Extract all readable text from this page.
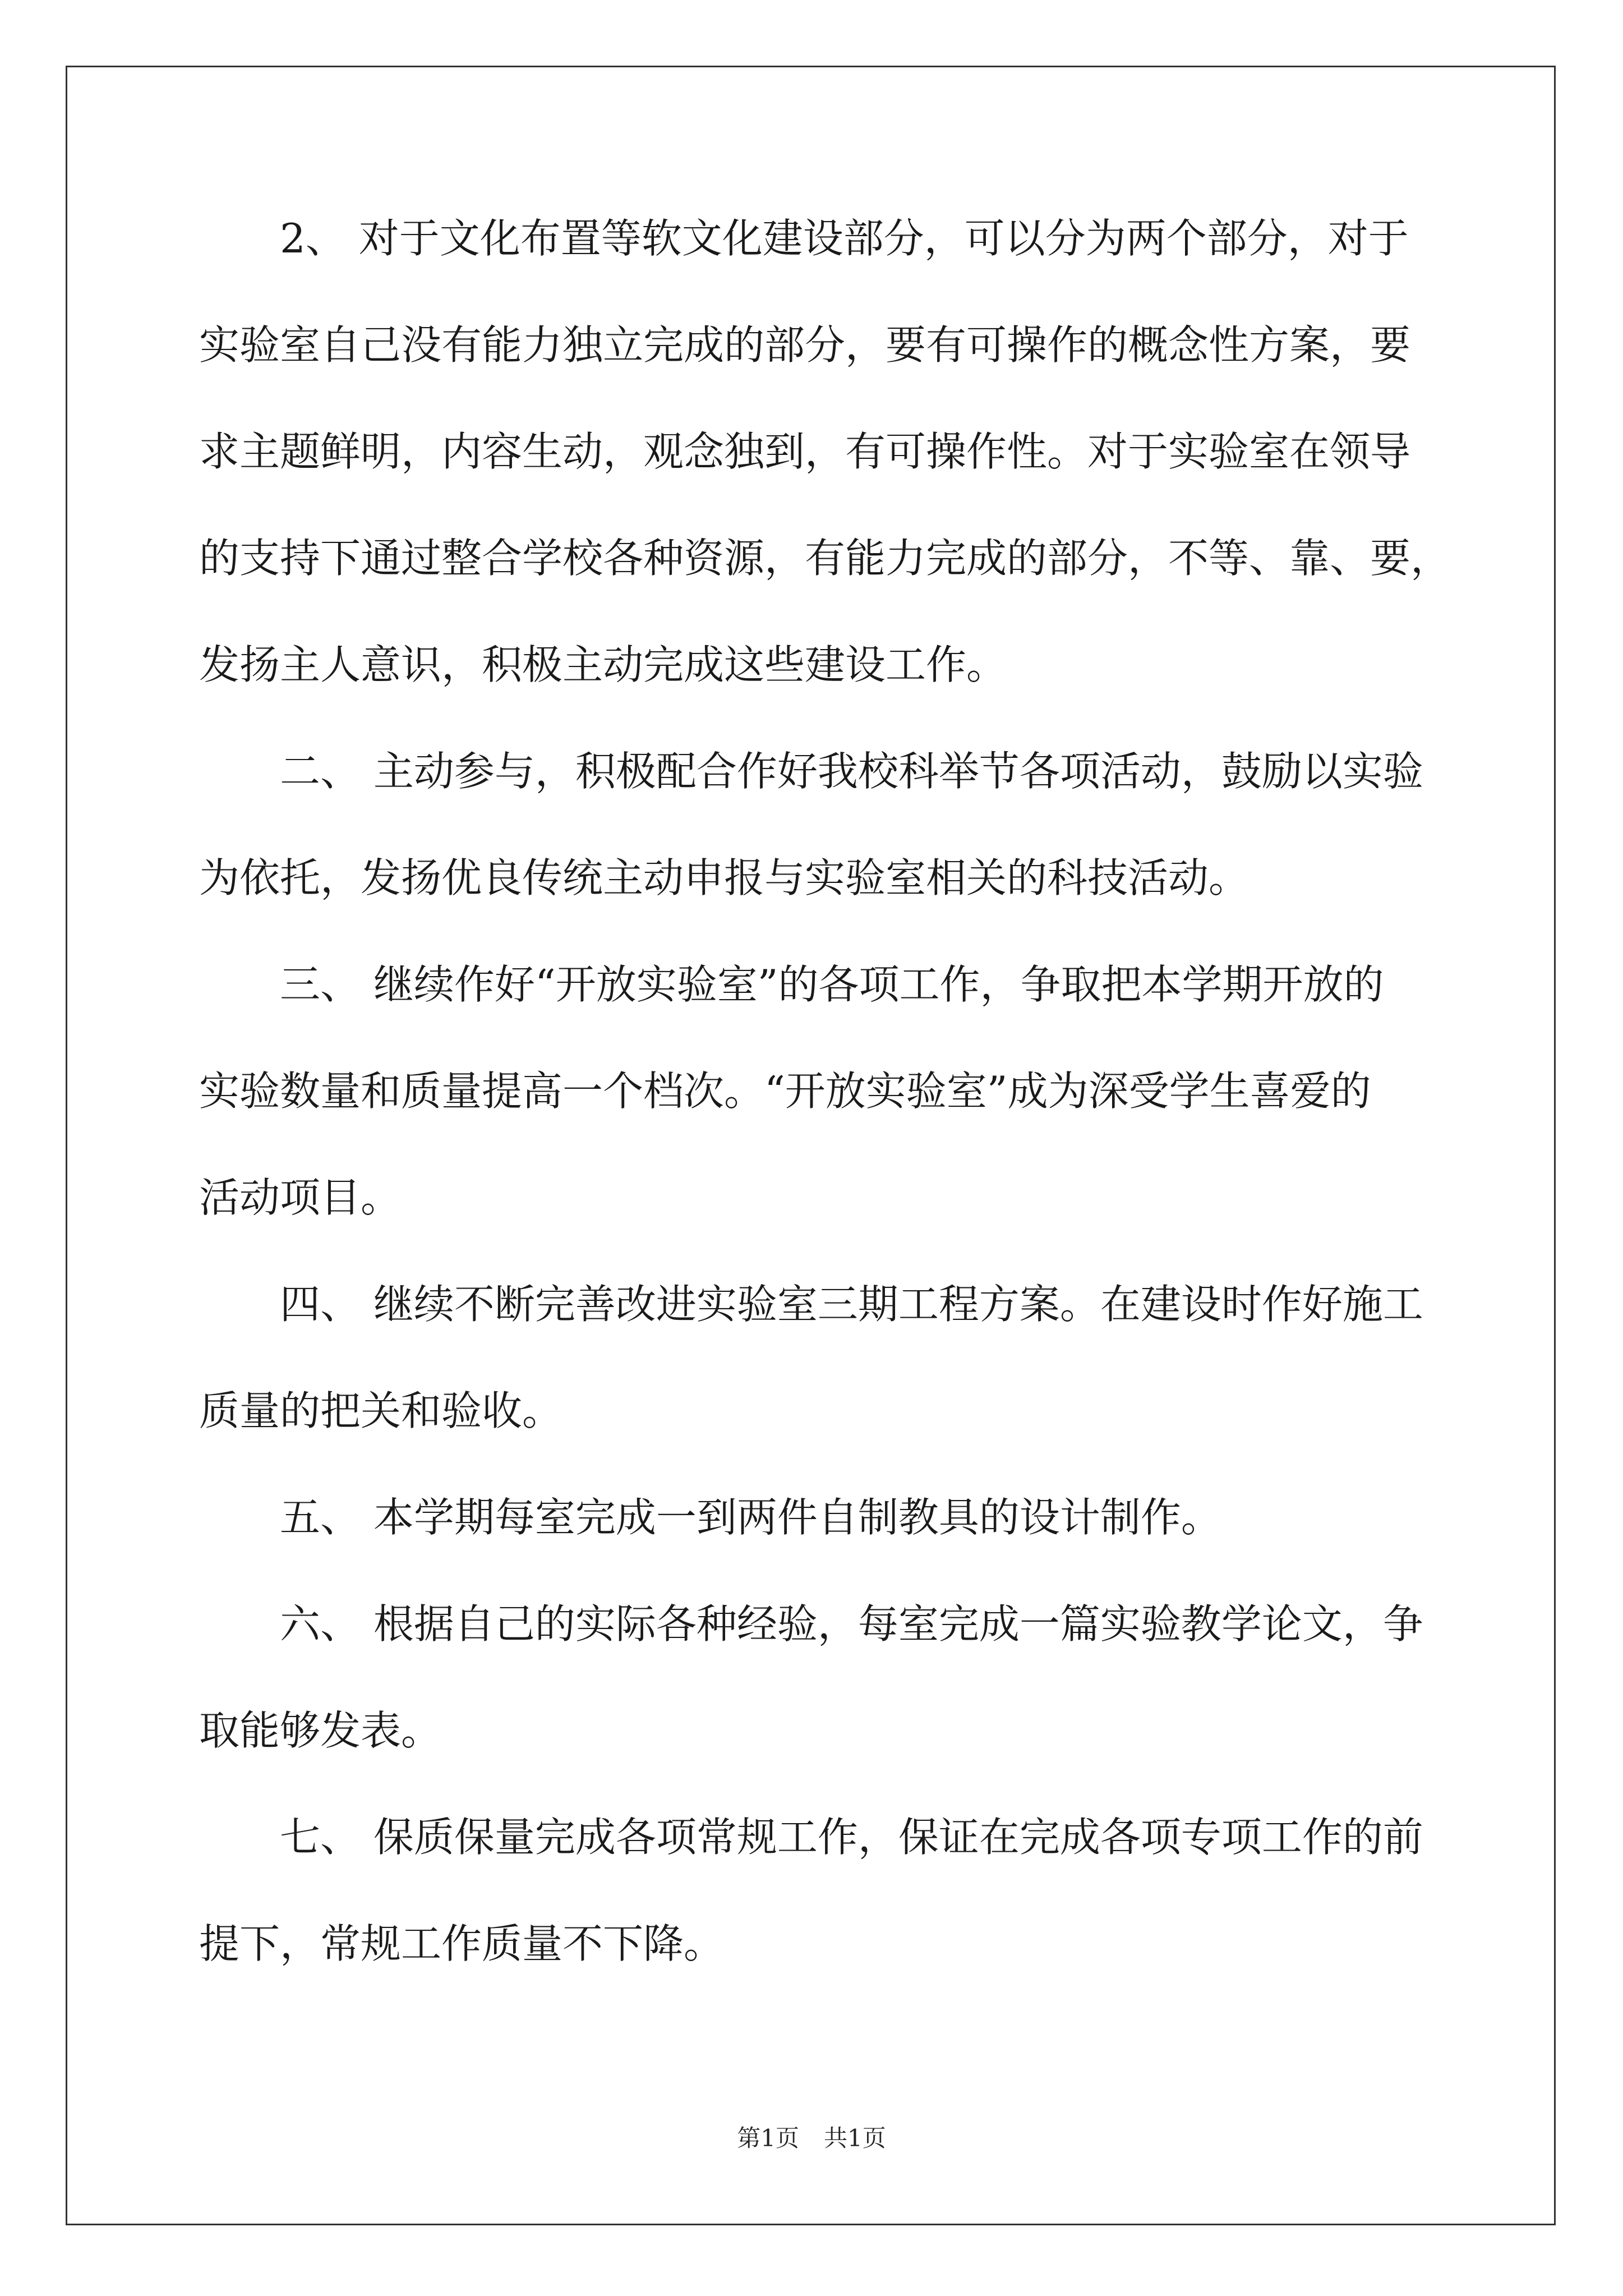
2、 对于文化布置等软文化建设部分，可以分为两个部分，对于
实验室自己没有能力独立完成的部分，要有可操作的概念性方案，要
求主题鲜明，内容生动，观念独到，有可操作性。对于实验室在领导
的支持下通过整合学校各种资源，有能力完成的部分，不等、靠、要，
发扬主人意识，积极主动完成这些建设工作。

二、 主动参与，积极配合作好我校科举节各项活动，鼓励以实验
为依托，发扬优良传统主动申报与实验室相关的科技活动。

三、 继续作好“开放实验室”的各项工作，争取把本学期开放的
实验数量和质量提高一个档次。“开放实验室”成为深受学生喜爱的
活动项目。

四、 继续不断完善改进实验室三期工程方案。在建设时作好施工
质量的把关和验收。

五、 本学期每室完成一到两件自制教具的设计制作。

六、 根据自己的实际各种经验，每室完成一篇实验教学论文，争
取能够发表。

七、 保质保量完成各项常规工作，保证在完成各项专项工作的前
提下，常规工作质量不下降。

第1页 共1页
